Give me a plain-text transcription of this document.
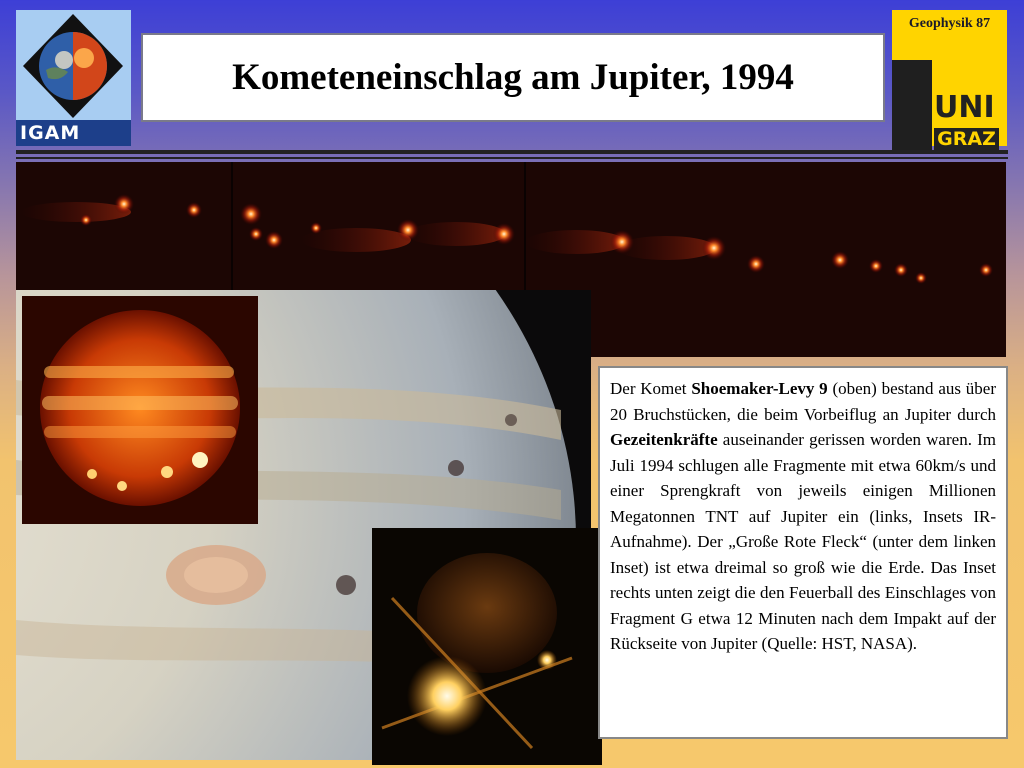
IGAM
Kometeneinschlag am Jupiter, 1994
Geophysik 87
UNI
GRAZ

Der Komet Shoemaker-Levy 9 (oben) bestand aus über 20 Bruchstücken, die beim Vorbeiflug an Jupiter durch Gezeitenkräfte auseinander gerissen worden waren. Im Juli 1994 schlugen alle Fragmente mit etwa 60km/s und einer Sprengkraft von jeweils einigen Millionen Megatonnen TNT auf Jupiter ein (links, Insets IR-Aufnahme). Der „Große Rote Fleck“ (unter dem linken Inset) ist etwa dreimal so groß wie die Erde. Das Inset rechts unten zeigt die den Feuerball des Einschlages von Fragment G etwa 12 Minuten nach dem Impakt auf der Rückseite von Jupiter (Quelle: HST, NASA).
